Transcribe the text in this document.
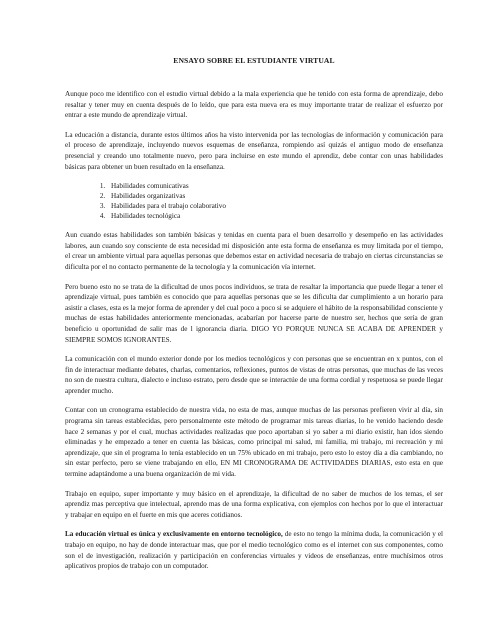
ENSAYO SOBRE EL ESTUDIANTE VIRTUAL

Aunque poco me identifico con el estudio virtual debido a la mala experiencia que he tenido con esta forma de aprendizaje, debo resaltar y tener muy en cuenta después de lo leído, que para esta nueva era es muy importante tratar de realizar el esfuerzo por entrar a este mundo de aprendizaje virtual.

La educación a distancia, durante estos últimos años ha visto intervenida por las tecnologías de información y comunicación para el proceso de aprendizaje, incluyendo nuevos esquemas de enseñanza, rompiendo así quizás el antiguo modo de enseñanza presencial y creando uno totalmente nuevo, pero para incluirse en este mundo el aprendiz, debe contar con unas habilidades básicas para obtener un buen resultado en la enseñanza.

1. Habilidades comunicativas
2. Habilidades organizativas
3. Habilidades para el trabajo colaborativo
4. Habilidades tecnológica

Aun cuando estas habilidades son también básicas y tenidas en cuenta para el buen desarrollo y desempeño en las actividades labores, aun cuando soy consciente de esta necesidad mi disposición ante esta forma de enseñanza es muy limitada por el tiempo, el crear un ambiente virtual para aquellas personas que debemos estar en actividad necesaria de trabajo en ciertas circunstancias se dificulta por el no contacto permanente de la tecnología y la comunicación vía internet.

Pero bueno esto no se trata de la dificultad de unos pocos individuos, se trata de resaltar la importancia que puede llegar a tener el aprendizaje virtual, pues también es conocido que para aquellas personas que se les dificulta dar cumplimiento a un horario para asistir a clases, esta es la mejor forma de aprender y del cual poco a poco si se adquiere el hábito de la responsabilidad consciente y muchas de estas habilidades anteriormente mencionadas, acabarían por hacerse parte de nuestro ser, hechos que sería de gran beneficio u oportunidad de salir mas de l ignorancia diaria. DIGO YO PORQUE NUNCA SE ACABA DE APRENDER y SIEMPRE SOMOS IGNORANTES.

La comunicación con el mundo exterior donde por los medios tecnológicos y con personas que se encuentran en x puntos, con el fin de interactuar mediante debates, charlas, comentarios, reflexiones, puntos de vistas de otras personas, que muchas de las veces no son de nuestra cultura, dialecto e incluso estrato, pero desde que se interactúe de una forma cordial y respetuosa se puede llegar aprender mucho.

Contar con un cronograma establecido de nuestra vida, no esta de mas, aunque muchas de las personas prefieren vivir al día, sin programa sin tareas establecidas, pero personalmente este método de programar mis tareas diarias, lo he venido haciendo desde hace 2 semanas y por el cual, muchas actividades realizadas que poco aportaban si yo saber a mi diario existir, han idos siendo eliminadas y he empezado a tener en cuenta las básicas, como principal mi salud, mi familia, mi trabajo, mi recreación y mi aprendizaje, que sin el programa lo tenía establecido en un 75% ubicado en mi trabajo, pero esto lo estoy día a día cambiando, no sin estar perfecto, pero se viene trabajando en ello, EN MI CRONOGRAMA DE ACTIVIDADES DIARIAS, esto esta en que termine adaptándome a una buena organización de mi vida.

Trabajo en equipo, super importante y muy básico en el aprendizaje, la dificultad de no saber de muchos de los temas, el ser aprendiz mas perceptiva que intelectual, aprendo mas de una forma explicativa, con ejemplos con hechos por lo que el interactuar y trabajar en equipo en el fuerte en mis que aceres cotidianos.

La educación virtual es única y exclusivamente en entorno tecnológico, de esto no tengo la mínima duda, la comunicación y el trabajo en equipo, no hay de donde interactuar mas, que por el medio tecnológico como es el internet con sus componentes, como son el de investigación, realización y participación en conferencias virtuales y videos de enseñanzas, entre muchísimos otros aplicativos propios de trabajo con un computador.
